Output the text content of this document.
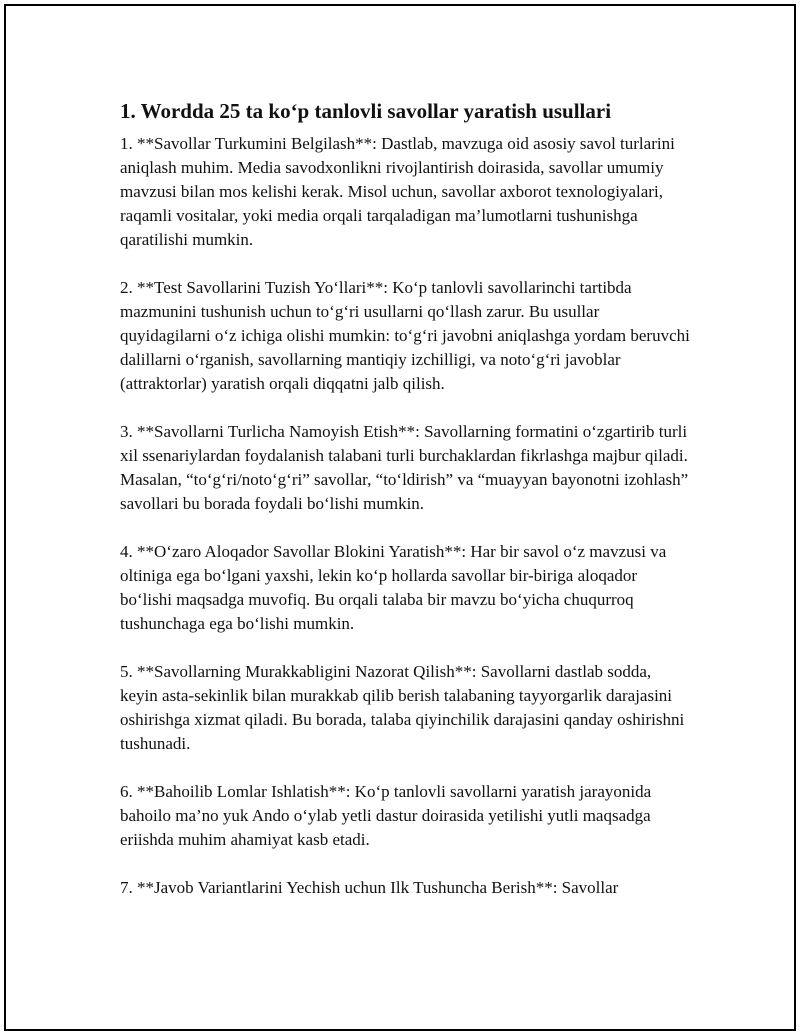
1. Wordda 25 ta ko‘p tanlovli savollar yaratish usullari

1. **Savollar Turkumini Belgilash**: Dastlab, mavzuga oid asosiy savol turlarini aniqlash muhim. Media savodxonlikni rivojlantirish doirasida, savollar umumiy mavzusi bilan mos kelishi kerak. Misol uchun, savollar axborot texnologiyalari, raqamli vositalar, yoki media orqali tarqaladigan ma’lumotlarni tushunishga qaratilishi mumkin.

2. **Test Savollarini Tuzish Yo‘llari**: Ko‘p tanlovli savollarinchi tartibda mazmunini tushunish uchun to‘g‘ri usullarni qo‘llash zarur. Bu usullar quyidagilarni o‘z ichiga olishi mumkin: to‘g‘ri javobni aniqlashga yordam beruvchi dalillarni o‘rganish, savollarning mantiqiy izchilligi, va noto‘g‘ri javoblar (attraktorlar) yaratish orqali diqqatni jalb qilish.

3. **Savollarni Turlicha Namoyish Etish**: Savollarning formatini o‘zgartirib turli xil ssenariylardan foydalanish talabani turli burchaklardan fikrlashga majbur qiladi. Masalan, “to‘g‘ri/noto‘g‘ri” savollar, “to‘ldirish” va “muayyan bayonotni izohlash” savollari bu borada foydali bo‘lishi mumkin.

4. **O‘zaro Aloqador Savollar Blokini Yaratish**: Har bir savol o‘z mavzusi va oltiniga ega bo‘lgani yaxshi, lekin ko‘p hollarda savollar bir-biriga aloqador bo‘lishi maqsadga muvofiq. Bu orqali talaba bir mavzu bo‘yicha chuqurroq tushunchaga ega bo‘lishi mumkin.

5. **Savollarning Murakkabligini Nazorat Qilish**: Savollarni dastlab sodda, keyin asta-sekinlik bilan murakkab qilib berish talabaning tayyorgarlik darajasini oshirishga xizmat qiladi. Bu borada, talaba qiyinchilik darajasini qanday oshirishni tushunadi.

6. **Bahoilib Lomlar Ishlatish**: Ko‘p tanlovli savollarni yaratish jarayonida bahoilo ma’no yuk Ando o‘ylab yetli dastur doirasida yetilishi yutli maqsadga eriishda muhim ahamiyat kasb etadi.

7. **Javob Variantlarini Yechish uchun Ilk Tushuncha Berish**: Savollar
